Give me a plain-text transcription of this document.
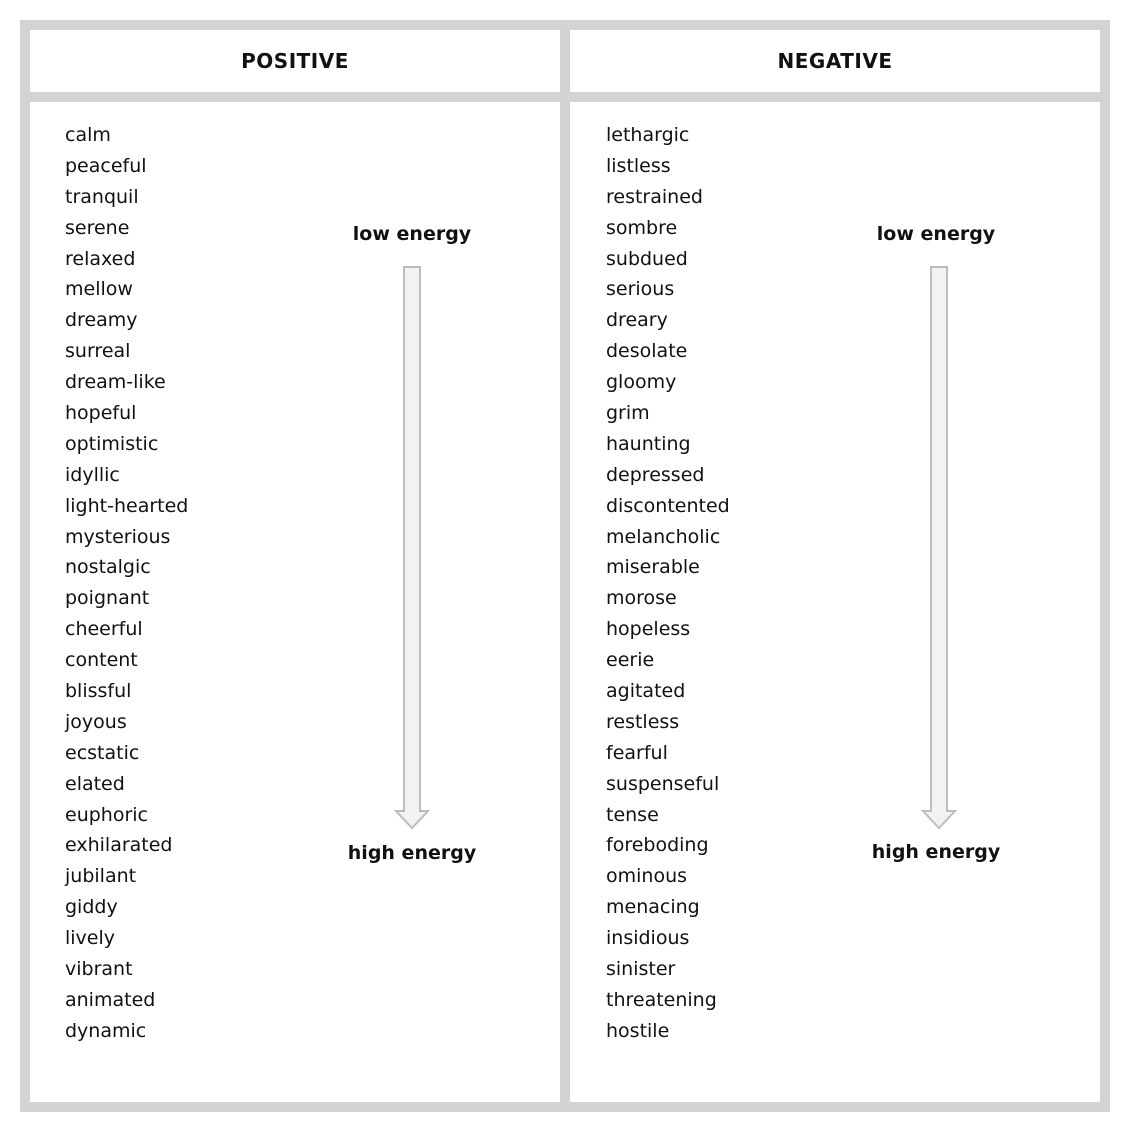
POSITIVE	NEGATIVE
calm
peaceful
tranquil
serene
relaxed
mellow
dreamy
surreal
dream-like
hopeful
optimistic
idyllic
light-hearted
mysterious
nostalgic
poignant
cheerful
content
blissful
joyous
ecstatic
elated
euphoric
exhilarated
jubilant
giddy
lively
vibrant
animated
dynamic
lethargic
listless
restrained
sombre
subdued
serious
dreary
desolate
gloomy
grim
haunting
depressed
discontented
melancholic
miserable
morose
hopeless
eerie
agitated
restless
fearful
suspenseful
tense
foreboding
ominous
menacing
insidious
sinister
threatening
hostile
low energy
high energy
low energy
high energy
